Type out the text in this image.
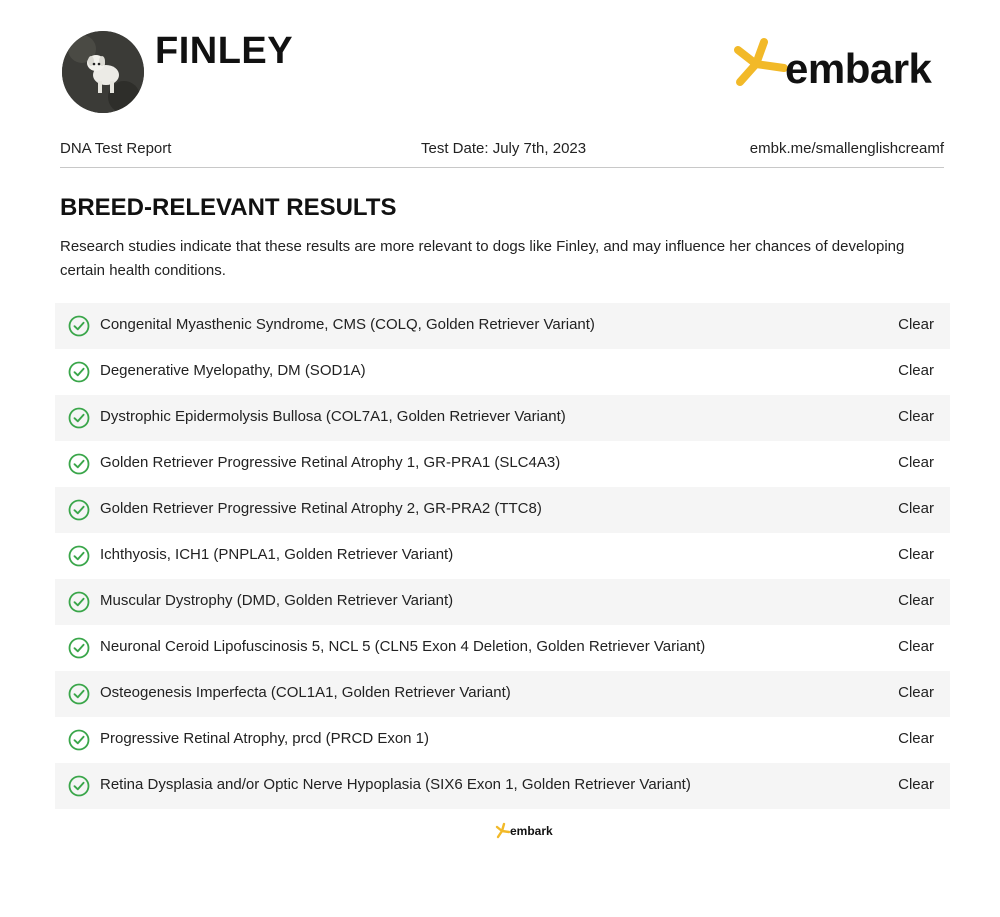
FINLEY	embark
DNA Test Report	Test Date: July 7th, 2023	embk.me/smallenglishcreamf
BREED-RELEVANT RESULTS
Research studies indicate that these results are more relevant to dogs like Finley, and may influence her chances of developing certain health conditions.
Congenital Myasthenic Syndrome, CMS (COLQ, Golden Retriever Variant)	Clear
Degenerative Myelopathy, DM (SOD1A)	Clear
Dystrophic Epidermolysis Bullosa (COL7A1, Golden Retriever Variant)	Clear
Golden Retriever Progressive Retinal Atrophy 1, GR-PRA1 (SLC4A3)	Clear
Golden Retriever Progressive Retinal Atrophy 2, GR-PRA2 (TTC8)	Clear
Ichthyosis, ICH1 (PNPLA1, Golden Retriever Variant)	Clear
Muscular Dystrophy (DMD, Golden Retriever Variant)	Clear
Neuronal Ceroid Lipofuscinosis 5, NCL 5 (CLN5 Exon 4 Deletion, Golden Retriever Variant)	Clear
Osteogenesis Imperfecta (COL1A1, Golden Retriever Variant)	Clear
Progressive Retinal Atrophy, prcd (PRCD Exon 1)	Clear
Retina Dysplasia and/or Optic Nerve Hypoplasia (SIX6 Exon 1, Golden Retriever Variant)	Clear
embark
